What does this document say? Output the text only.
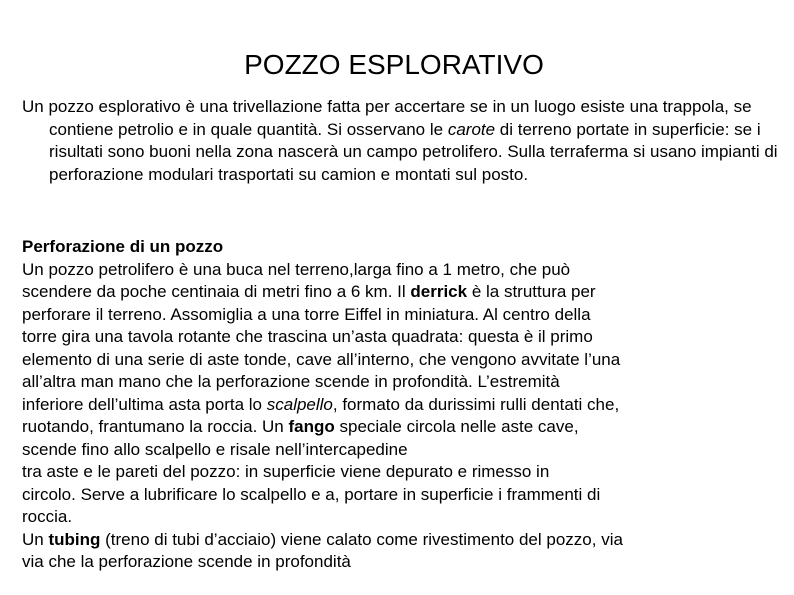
POZZO ESPLORATIVO
Un pozzo esplorativo è una trivellazione fatta per accertare se in un luogo esiste una trappola, se contiene petrolio e in quale quantità. Si osservano le carote di terreno portate in superficie: se i risultati sono buoni nella zona nascerà un campo petrolifero. Sulla terraferma si usano impianti di perforazione modulari trasportati su camion e montati sul posto.
Perforazione di un pozzo
Un pozzo petrolifero è una buca nel terreno,larga fino a 1 metro, che può
scendere da poche centinaia di metri fino a 6 km. Il derrick è la struttura per
perforare il terreno. Assomiglia a una torre Eiffel in miniatura. Al centro della
torre gira una tavola rotante che trascina un’asta quadrata: questa è il primo
elemento di una serie di aste tonde, cave all’interno, che vengono avvitate l’una
all’altra man mano che la perforazione scende in profondità. L’estremità
inferiore dell’ultima asta porta lo scalpello, formato da durissimi rulli dentati che,
ruotando, frantumano la roccia. Un fango speciale circola nelle aste cave,
scende fino allo scalpello e risale nell’intercapedine
tra aste e le pareti del pozzo: in superficie viene depurato e rimesso in
circolo. Serve a lubrificare lo scalpello e a, portare in superficie i frammenti di
roccia.
Un tubing (treno di tubi d’acciaio) viene calato come rivestimento del pozzo, via
via che la perforazione scende in profondità
